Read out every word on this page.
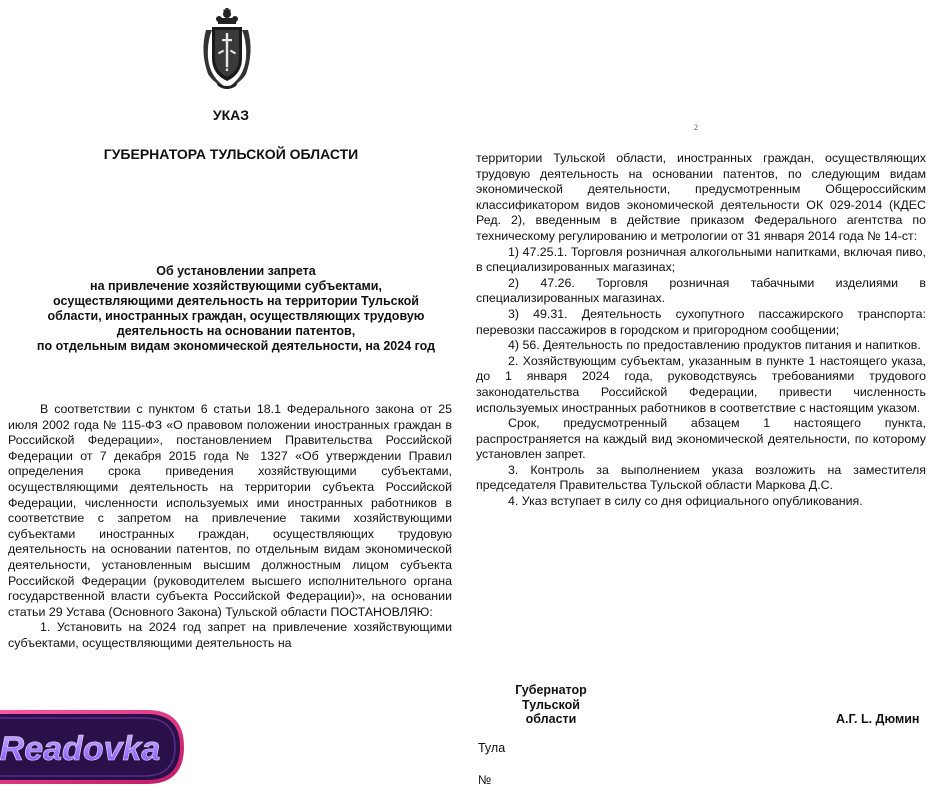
УКАЗ
ГУБЕРНАТОРА ТУЛЬСКОЙ ОБЛАСТИ
Об установлении запрета
на привлечение хозяйствующими субъектами,
осуществляющими деятельность на территории Тульской
области, иностранных граждан, осуществляющих трудовую
деятельность на основании патентов,
по отдельным видам экономической деятельности, на 2024 год

В соответствии с пунктом 6 статьи 18.1 Федерального закона от 25 июля 2002 года № 115-ФЗ «О правовом положении иностранных граждан в Российской Федерации», постановлением Правительства Российской Федерации от 7 декабря 2015 года № 1327 «Об утверждении Правил определения срока приведения хозяйствующими субъектами, осуществляющими деятельность на территории субъекта Российской Федерации, численности используемых ими иностранных работников в соответствие с запретом на привлечение такими хозяйствующими субъектами иностранных граждан, осуществляющих трудовую деятельность на основании патентов, по отдельным видам экономической деятельности, установленным высшим должностным лицом субъекта Российской Федерации (руководителем высшего исполнительного органа государственной власти субъекта Российской Федерации)», на основании статьи 29 Устава (Основного Закона) Тульской области ПОСТАНОВЛЯЮ:

1. Установить на 2024 год запрет на привлечение хозяйствующими субъектами, осуществляющими деятельность на

2

территории Тульской области, иностранных граждан, осуществляющих трудовую деятельность на основании патентов, по следующим видам экономической деятельности, предусмотренным Общероссийским классификатором видов экономической деятельности ОК 029-2014 (КДЕС Ред. 2), введенным в действие приказом Федерального агентства по техническому регулированию и метрологии от 31 января 2014 года № 14-ст:

1) 47.25.1. Торговля розничная алкогольными напитками, включая пиво, в специализированных магазинах;

2) 47.26. Торговля розничная табачными изделиями в специализированных магазинах.

3) 49.31. Деятельность сухопутного пассажирского транспорта: перевозки пассажиров в городском и пригородном сообщении;

4) 56. Деятельность по предоставлению продуктов питания и напитков.

2. Хозяйствующим субъектам, указанным в пункте 1 настоящего указа, до 1 января 2024 года, руководствуясь требованиями трудового законодательства Российской Федерации, привести численность используемых иностранных работников в соответствие с настоящим указом.

Срок, предусмотренный абзацем 1 настоящего пункта, распространяется на каждый вид экономической деятельности, по которому установлен запрет.

3. Контроль за выполнением указа возложить на заместителя председателя Правительства Тульской области Маркова Д.С.

4. Указ вступает в силу со дня официального опубликования.

Губернатор
Тульской
области	А.Г. L. Дюмин
Тула
№
Readovka
